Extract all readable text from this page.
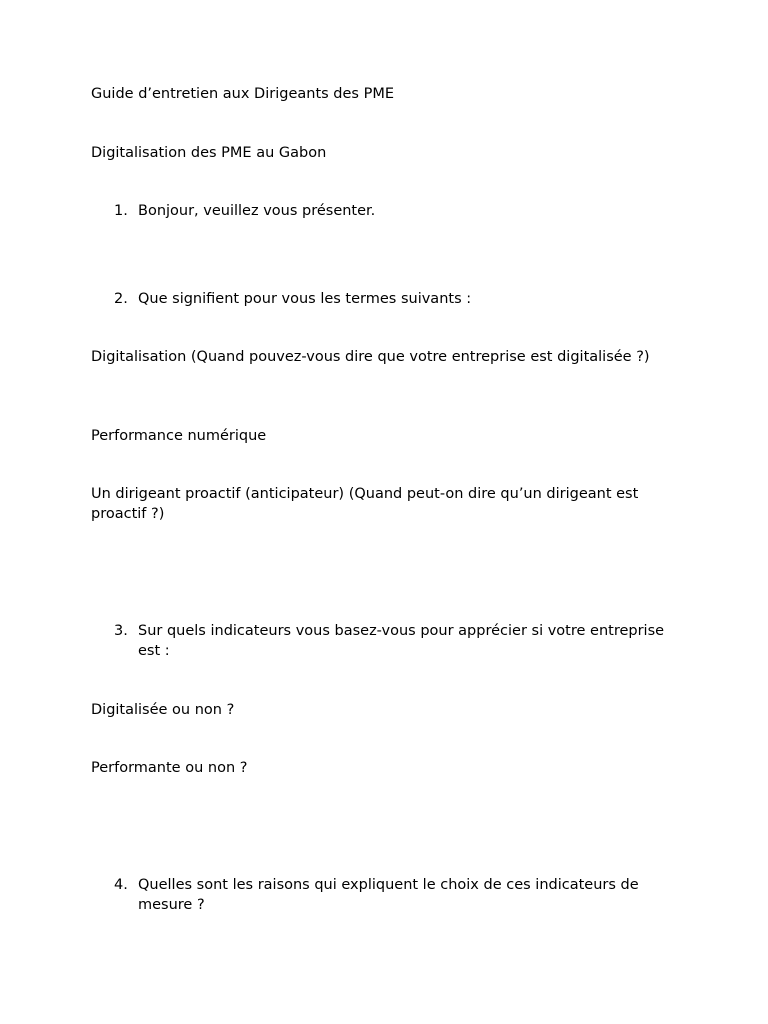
Guide d’entretien aux Dirigeants des PME
Digitalisation des PME au Gabon
1. Bonjour, veuillez vous présenter.
2. Que signifient pour vous les termes suivants :
Digitalisation (Quand pouvez-vous dire que votre entreprise est digitalisée ?)
Performance numérique
Un dirigeant proactif (anticipateur) (Quand peut-on dire qu’un dirigeant est proactif ?)
3. Sur quels indicateurs vous basez-vous pour apprécier si votre entreprise est :
Digitalisée ou non ?
Performante ou non ?
4. Quelles sont les raisons qui expliquent le choix de ces indicateurs de mesure ?
